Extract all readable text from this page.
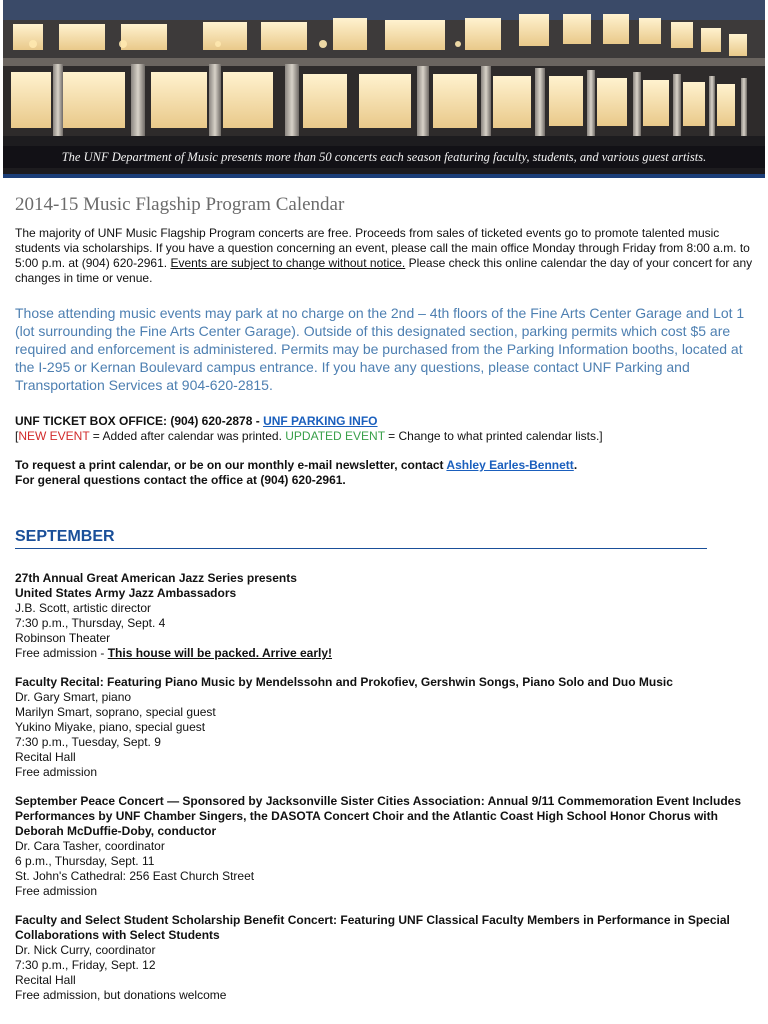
The UNF Department of Music presents more than 50 concerts each season featuring faculty, students, and various guest artists.
2014-15 Music Flagship Program Calendar

The majority of UNF Music Flagship Program concerts are free. Proceeds from sales of ticketed events go to promote talented music students via scholarships. If you have a question concerning an event, please call the main office Monday through Friday from 8:00 a.m. to 5:00 p.m. at (904) 620-2961. Events are subject to change without notice. Please check this online calendar the day of your concert for any changes in time or venue.

Those attending music events may park at no charge on the 2nd – 4th floors of the Fine Arts Center Garage and Lot 1 (lot surrounding the Fine Arts Center Garage). Outside of this designated section, parking permits which cost $5 are required and enforcement is administered. Permits may be purchased from the Parking Information booths, located at the I-295 or Kernan Boulevard campus entrance. If you have any questions, please contact UNF Parking and Transportation Services at 904-620-2815.

UNF TICKET BOX OFFICE: (904) 620-2878 - UNF PARKING INFO
[NEW EVENT = Added after calendar was printed. UPDATED EVENT = Change to what printed calendar lists.]

To request a print calendar, or be on our monthly e-mail newsletter, contact Ashley Earles-Bennett.
For general questions contact the office at (904) 620-2961.

SEPTEMBER
27th Annual Great American Jazz Series presents
United States Army Jazz Ambassadors
J.B. Scott, artistic director
7:30 p.m., Thursday, Sept. 4
Robinson Theater
Free admission - This house will be packed. Arrive early!
Faculty Recital: Featuring Piano Music by Mendelssohn and Prokofiev, Gershwin Songs, Piano Solo and Duo Music
Dr. Gary Smart, piano
Marilyn Smart, soprano, special guest
Yukino Miyake, piano, special guest
7:30 p.m., Tuesday, Sept. 9
Recital Hall
Free admission
September Peace Concert — Sponsored by Jacksonville Sister Cities Association: Annual 9/11 Commemoration Event Includes Performances by UNF Chamber Singers, the DASOTA Concert Choir and the Atlantic Coast High School Honor Chorus with Deborah McDuffie-Doby, conductor
Dr. Cara Tasher, coordinator
6 p.m., Thursday, Sept. 11
St. John's Cathedral: 256 East Church Street
Free admission
Faculty and Select Student Scholarship Benefit Concert: Featuring UNF Classical Faculty Members in Performance in Special Collaborations with Select Students
Dr. Nick Curry, coordinator
7:30 p.m., Friday, Sept. 12
Recital Hall
Free admission, but donations welcome
